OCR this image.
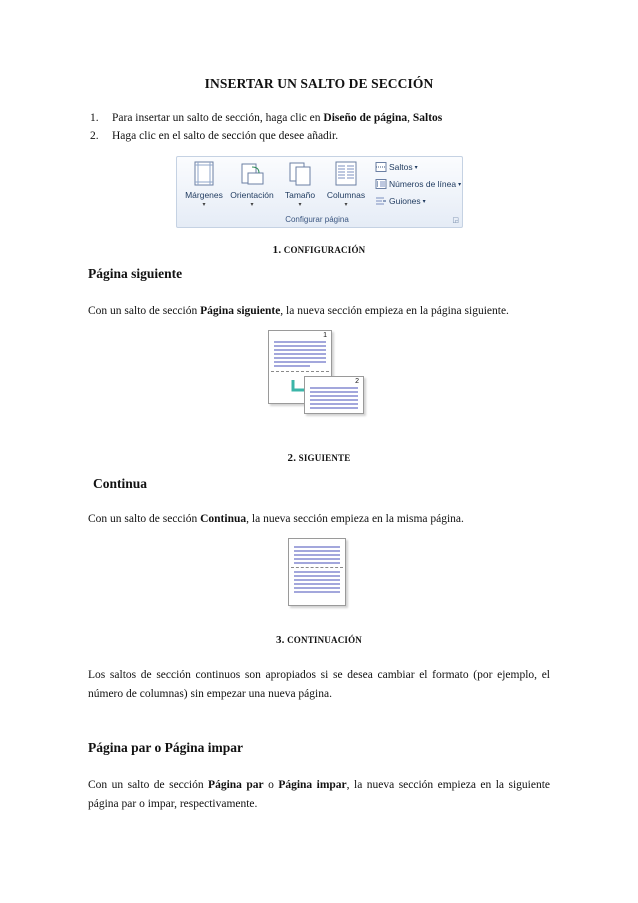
INSERTAR UN SALTO DE SECCIÓN
1. Para insertar un salto de sección, haga clic en Diseño de página, Saltos
2. Haga clic en el salto de sección que desee añadir.
Márgenes
▾
Orientación
▾
Tamaño
▾
Columnas
▾
Saltos ▾
Números de línea ▾
Guiones ▾
Configurar página	◲
1. CONFIGURACIÓN
Página siguiente
Con un salto de sección Página siguiente, la nueva sección empieza en la página siguiente.
1
2
2. SIGUIENTE
Continua
Con un salto de sección Continua, la nueva sección empieza en la misma página.
3. CONTINUACIÓN
Los saltos de sección continuos son apropiados si se desea cambiar el formato (por ejemplo, el número de columnas) sin empezar una nueva página.
Página par o Página impar
Con un salto de sección Página par o Página impar, la nueva sección empieza en la siguiente página par o impar, respectivamente.
